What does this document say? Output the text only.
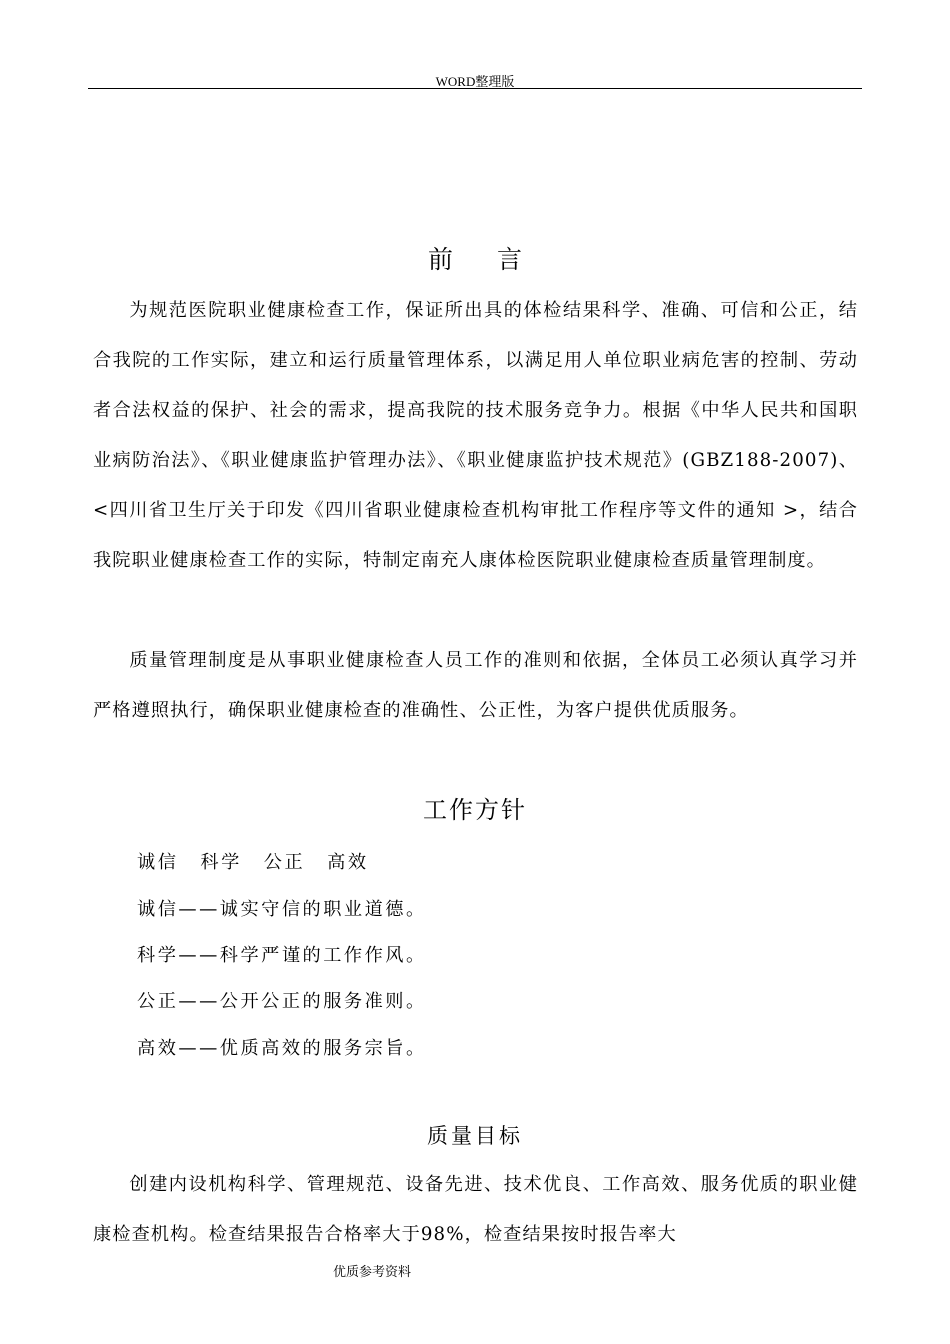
WORD整理版
前 言

为规范医院职业健康检查工作，保证所出具的体检结果科学、准确、可信和公正，结合我院的工作实际，建立和运行质量管理体系，以满足用人单位职业病危害的控制、劳动者合法权益的保护、社会的需求，提高我院的技术服务竞争力。根据《中华人民共和国职业病防治法》、《职业健康监护管理办法》、《职业健康监护技术规范》(GBZ188-2007)、<四川省卫生厅关于印发《四川省职业健康检查机构审批工作程序等文件的通知 >，结合我院职业健康检查工作的实际，特制定南充人康体检医院职业健康检查质量管理制度。

质量管理制度是从事职业健康检查人员工作的准则和依据，全体员工必须认真学习并严格遵照执行，确保职业健康检查的准确性、公正性，为客户提供优质服务。

工作方针

诚信 科学 公正 高效

诚信——诚实守信的职业道德。

科学——科学严谨的工作作风。

公正——公开公正的服务准则。

高效——优质高效的服务宗旨。

质量目标

创建内设机构科学、管理规范、设备先进、技术优良、工作高效、服务优质的职业健康检查机构。检查结果报告合格率大于98%，检查结果按时报告率大

优质参考资料
